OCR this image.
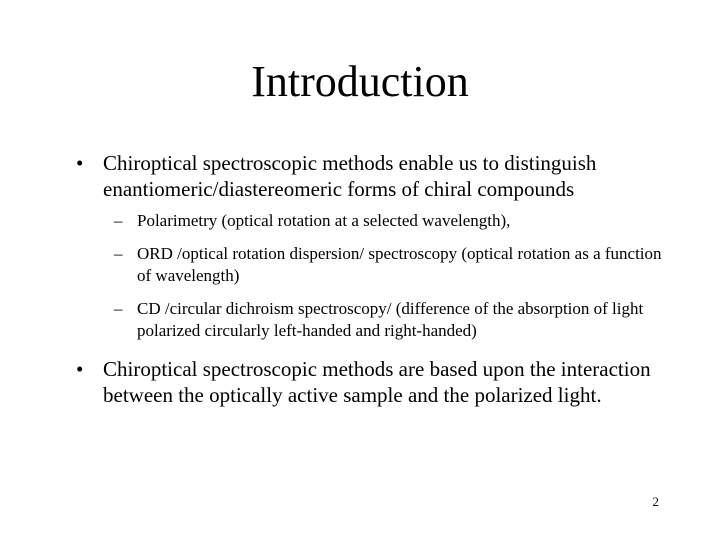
Introduction
• Chiroptical spectroscopic methods enable us to distinguish enantiomeric/diastereomeric forms of chiral compounds
– Polarimetry (optical rotation at a selected wavelength),
– ORD /optical rotation dispersion/ spectroscopy (optical rotation as a function of wavelength)
– CD /circular dichroism spectroscopy/ (difference of the absorption of light polarized circularly left-handed and right-handed)
• Chiroptical spectroscopic methods are based upon the interaction between the optically active sample and the polarized light.
2
